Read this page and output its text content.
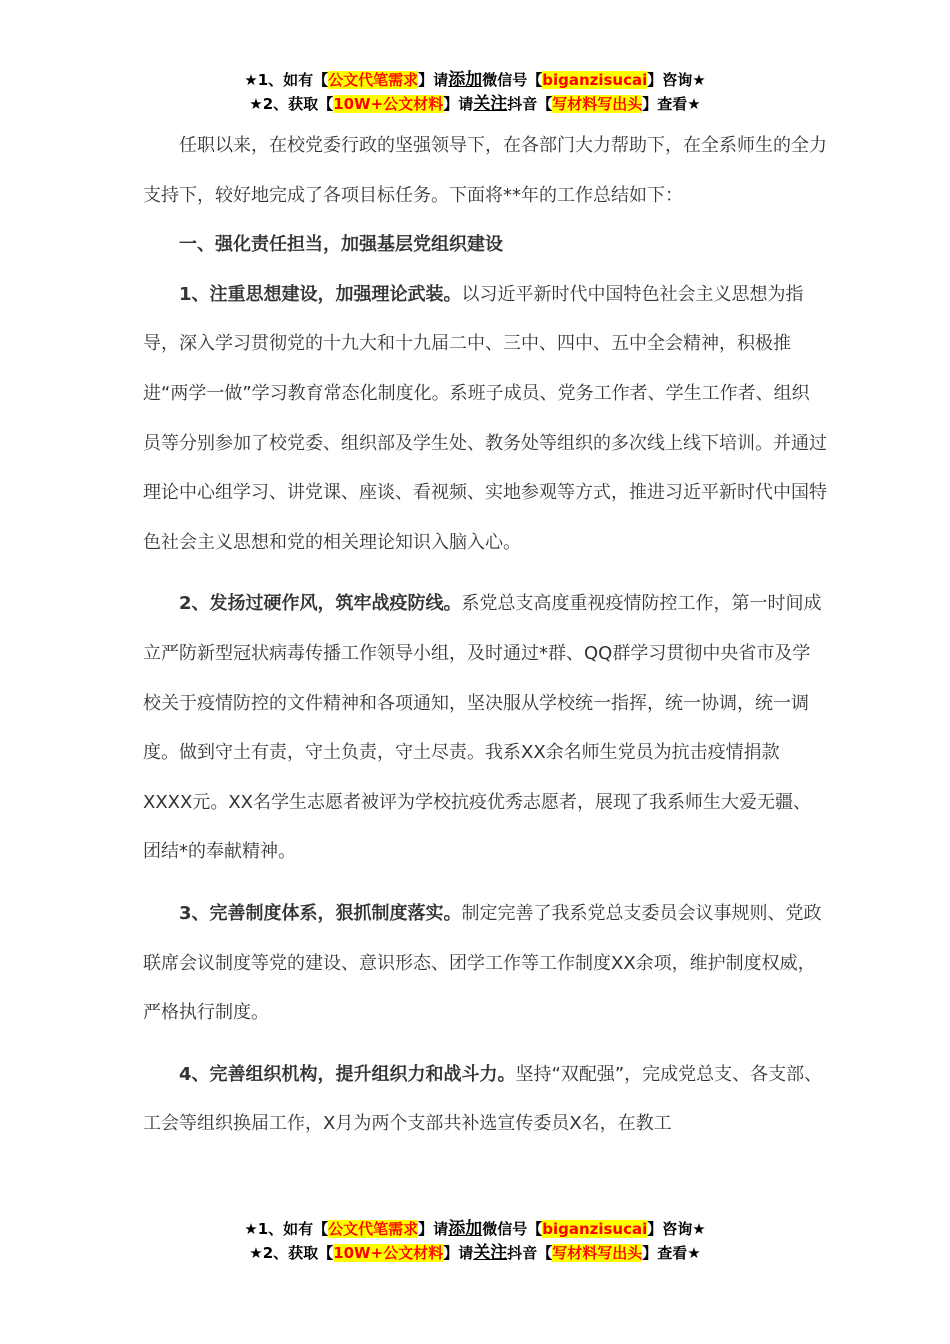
★1、如有【公文代笔需求】请添加微信号【biganzisucai】咨询★
★2、获取【10W+公文材料】请关注抖音【写材料写出头】查看★

任职以来，在校党委行政的坚强领导下，在各部门大力帮助下，在全系师生的全力支持下，较好地完成了各项目标任务。下面将**年的工作总结如下：

一、强化责任担当，加强基层党组织建设

1、注重思想建设，加强理论武装。以习近平新时代中国特色社会主义思想为指导，深入学习贯彻党的十九大和十九届二中、三中、四中、五中全会精神，积极推进“两学一做”学习教育常态化制度化。系班子成员、党务工作者、学生工作者、组织员等分别参加了校党委、组织部及学生处、教务处等组织的多次线上线下培训。并通过理论中心组学习、讲党课、座谈、看视频、实地参观等方式，推进习近平新时代中国特色社会主义思想和党的相关理论知识入脑入心。

2、发扬过硬作风，筑牢战疫防线。系党总支高度重视疫情防控工作，第一时间成立严防新型冠状病毒传播工作领导小组，及时通过*群、QQ群学习贯彻中央省市及学校关于疫情防控的文件精神和各项通知，坚决服从学校统一指挥，统一协调，统一调度。做到守土有责，守土负责，守土尽责。我系XX余名师生党员为抗击疫情捐款XXXX元。XX名学生志愿者被评为学校抗疫优秀志愿者，展现了我系师生大爱无疆、团结*的奉献精神。

3、完善制度体系，狠抓制度落实。制定完善了我系党总支委员会议事规则、党政联席会议制度等党的建设、意识形态、团学工作等工作制度XX余项，维护制度权威，严格执行制度。

4、完善组织机构，提升组织力和战斗力。坚持“双配强”，完成党总支、各支部、工会等组织换届工作，X月为两个支部共补选宣传委员X名，在教工

★1、如有【公文代笔需求】请添加微信号【biganzisucai】咨询★
★2、获取【10W+公文材料】请关注抖音【写材料写出头】查看★
